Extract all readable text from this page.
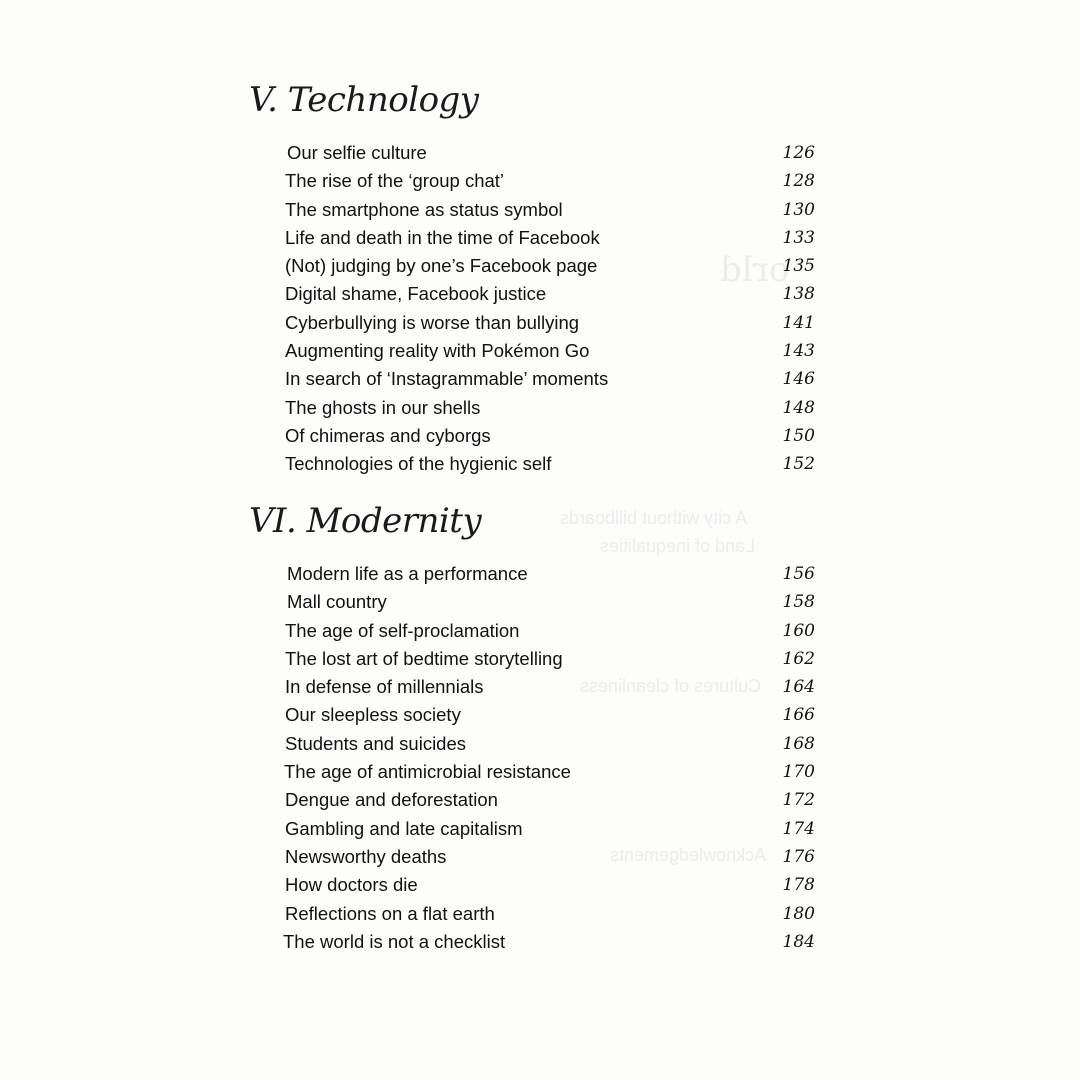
orld
A city without billboards
Land of inequalities
Cultures of cleanliness
Acknowledgements
V. Technology
Our selfie culture	126
The rise of the ‘group chat’	128
The smartphone as status symbol	130
Life and death in the time of Facebook	133
(Not) judging by one’s Facebook page	135
Digital shame, Facebook justice	138
Cyberbullying is worse than bullying	141
Augmenting reality with Pokémon Go	143
In search of ‘Instagrammable’ moments	146
The ghosts in our shells	148
Of chimeras and cyborgs	150
Technologies of the hygienic self	152
VI. Modernity
Modern life as a performance	156
Mall country	158
The age of self-proclamation	160
The lost art of bedtime storytelling	162
In defense of millennials	164
Our sleepless society	166
Students and suicides	168
The age of antimicrobial resistance	170
Dengue and deforestation	172
Gambling and late capitalism	174
Newsworthy deaths	176
How doctors die	178
Reflections on a flat earth	180
The world is not a checklist	184
